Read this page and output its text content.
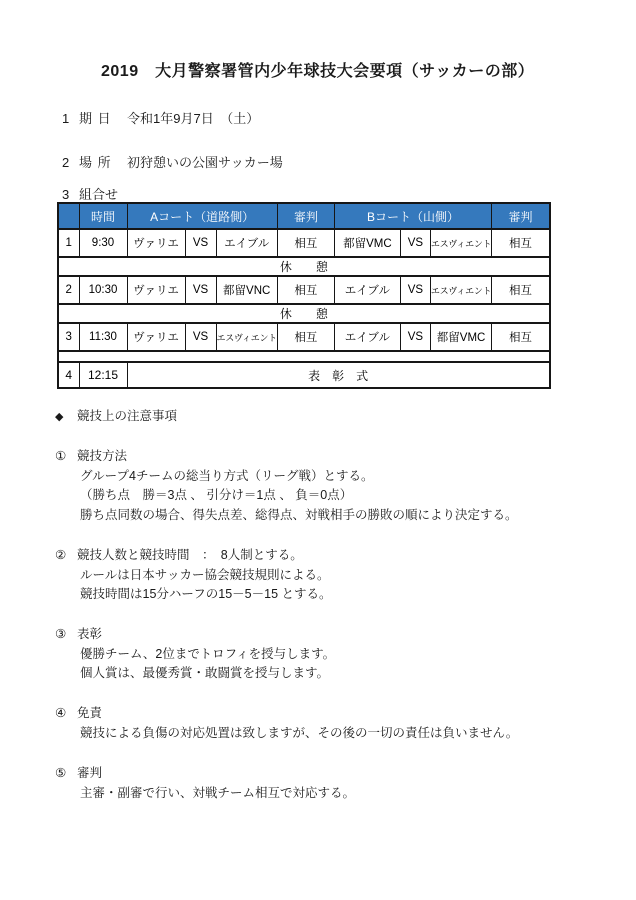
2019　大月警察署管内少年球技大会要項（サッカーの部）
1 期 日 令和1年9月7日　（土）
2 場 所 初狩憩いの公園サッカー場
3 組合せ
	時間	Aコート（道路側）			審判	Bコート（山側）			審判
1	9:30	ヴァリエ	VS	エイブル	相互	都留VMC	VS	エスヴィエント	相互
休　　憩									
2	10:30	ヴァリエ	VS	都留VNC	相互	エイブル	VS	エスヴィエント	相互
休　　憩									
3	11:30	ヴァリエ	VS	エスヴィエント	相互	エイブル	VS	都留VMC	相互

4	12:15	表　彰　式							
◆ 競技上の注意事項
① 競技方法
グループ4チームの総当り方式（リーグ戦）とする。
（勝ち点　勝＝3点 、 引分け＝1点 、 負＝0点）
勝ち点同数の場合、得失点差、総得点、対戦相手の勝敗の順により決定する。
② 競技人数と競技時間　：　8人制とする。
ルールは日本サッカー協会競技規則による。
競技時間は15分ハーフの15－5－15 とする。
③ 表彰
優勝チーム、2位までトロフィを授与します。
個人賞は、最優秀賞・敢闘賞を授与します。
④ 免責
競技による負傷の対応処置は致しますが、その後の一切の責任は負いません。
⑤ 審判
主審・副審で行い、対戦チーム相互で対応する。
